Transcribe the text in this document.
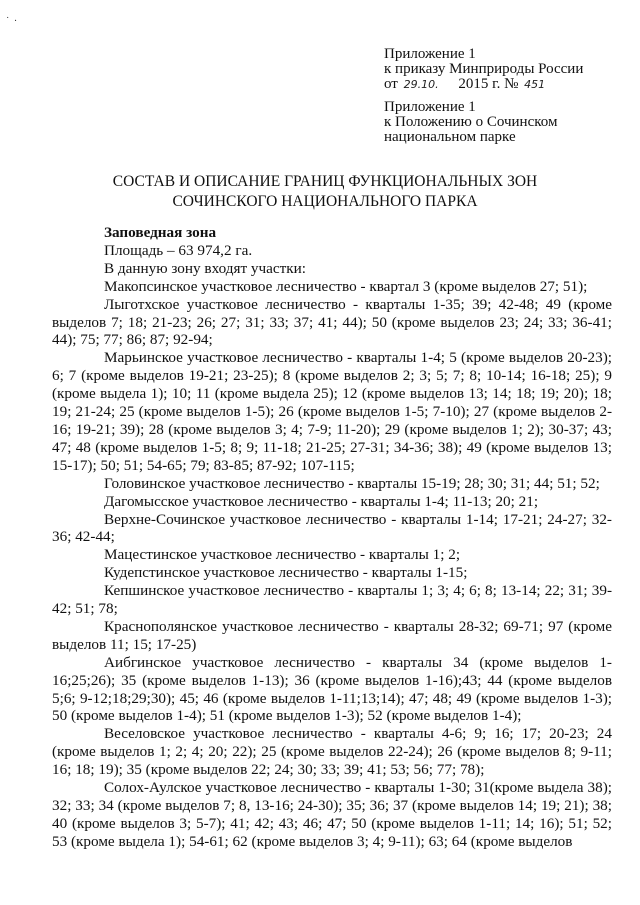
˙ ·
Приложение 1
к приказу Минприроды России
от 29.10. 2015 г. № 451
Приложение 1
к Положению о Сочинском
национальном парке
СОСТАВ И ОПИСАНИЕ ГРАНИЦ ФУНКЦИОНАЛЬНЫХ ЗОН
СОЧИНСКОГО НАЦИОНАЛЬНОГО ПАРКА

Заповедная зона

Площадь – 63 974,2 га.

В данную зону входят участки:

Макопсинское участковое лесничество - квартал 3 (кроме выделов 27; 51);

Лыготхское участковое лесничество - кварталы 1-35; 39; 42-48; 49 (кроме выделов 7; 18; 21-23; 26; 27; 31; 33; 37; 41; 44); 50 (кроме выделов 23; 24; 33; 36-41; 44); 75; 77; 86; 87; 92-94;

Марьинское участковое лесничество - кварталы 1-4; 5 (кроме выделов 20-23); 6; 7 (кроме выделов 19-21; 23-25); 8 (кроме выделов 2; 3; 5; 7; 8; 10-14; 16-18; 25); 9 (кроме выдела 1); 10; 11 (кроме выдела 25); 12 (кроме выделов 13; 14; 18; 19; 20); 18; 19; 21-24; 25 (кроме выделов 1-5); 26 (кроме выделов 1-5; 7-10); 27 (кроме выделов 2-16; 19-21; 39); 28 (кроме выделов 3; 4; 7-9; 11-20); 29 (кроме выделов 1; 2); 30-37; 43; 47; 48 (кроме выделов 1-5; 8; 9; 11-18; 21-25; 27-31; 34-36; 38); 49 (кроме выделов 13; 15-17); 50; 51; 54-65; 79; 83-85; 87-92; 107-115;

Головинское участковое лесничество - кварталы 15-19; 28; 30; 31; 44; 51; 52;

Дагомысское участковое лесничество - кварталы 1-4; 11-13; 20; 21;

Верхне-Сочинское участковое лесничество - кварталы 1-14; 17-21; 24-27; 32-36; 42-44;

Мацестинское участковое лесничество - кварталы 1; 2;

Кудепстинское участковое лесничество - кварталы 1-15;

Кепшинское участковое лесничество - кварталы 1; 3; 4; 6; 8; 13-14; 22; 31; 39-42; 51; 78;

Краснополянское участковое лесничество - кварталы 28-32; 69-71; 97 (кроме выделов 11; 15; 17-25)

Аибгинское участковое лесничество - кварталы 34 (кроме выделов 1-16;25;26); 35 (кроме выделов 1-13); 36 (кроме выделов 1-16);43; 44 (кроме выделов 5;6; 9-12;18;29;30); 45; 46 (кроме выделов 1-11;13;14); 47; 48; 49 (кроме выделов 1-3); 50 (кроме выделов 1-4); 51 (кроме выделов 1-3); 52 (кроме выделов 1-4);

Веселовское участковое лесничество - кварталы 4-6; 9; 16; 17; 20-23; 24 (кроме выделов 1; 2; 4; 20; 22); 25 (кроме выделов 22-24); 26 (кроме выделов 8; 9-11; 16; 18; 19); 35 (кроме выделов 22; 24; 30; 33; 39; 41; 53; 56; 77; 78);

Солох-Аулское участковое лесничество - кварталы 1-30; 31(кроме выдела 38); 32; 33; 34 (кроме выделов 7; 8, 13-16; 24-30); 35; 36; 37 (кроме выделов 14; 19; 21); 38; 40 (кроме выделов 3; 5-7); 41; 42; 43; 46; 47; 50 (кроме выделов 1-11; 14; 16); 51; 52; 53 (кроме выдела 1); 54-61; 62 (кроме выделов 3; 4; 9-11); 63; 64 (кроме выделов
